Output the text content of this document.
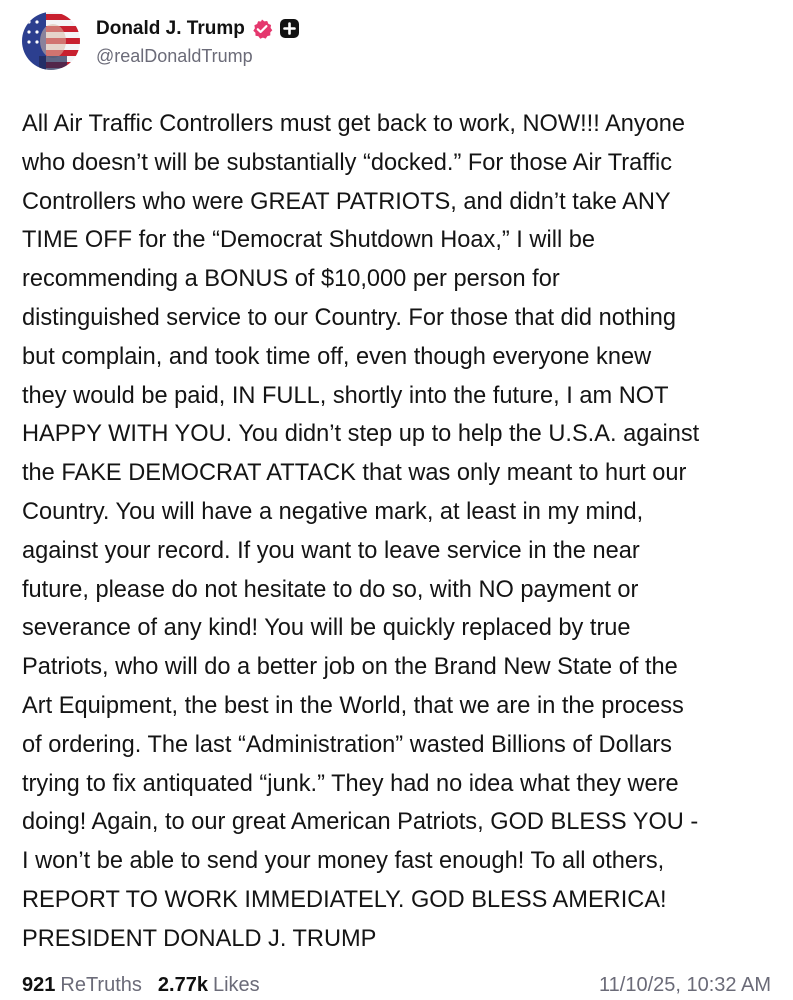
Donald J. Trump
@realDonaldTrump
All Air Traffic Controllers must get back to work, NOW!!! Anyone
who doesn’t will be substantially “docked.” For those Air Traffic
Controllers who were GREAT PATRIOTS, and didn’t take ANY
TIME OFF for the “Democrat Shutdown Hoax,” I will be
recommending a BONUS of $10,000 per person for
distinguished service to our Country. For those that did nothing
but complain, and took time off, even though everyone knew
they would be paid, IN FULL, shortly into the future, I am NOT
HAPPY WITH YOU. You didn’t step up to help the U.S.A. against
the FAKE DEMOCRAT ATTACK that was only meant to hurt our
Country. You will have a negative mark, at least in my mind,
against your record. If you want to leave service in the near
future, please do not hesitate to do so, with NO payment or
severance of any kind! You will be quickly replaced by true
Patriots, who will do a better job on the Brand New State of the
Art Equipment, the best in the World, that we are in the process
of ordering. The last “Administration” wasted Billions of Dollars
trying to fix antiquated “junk.” They had no idea what they were
doing! Again, to our great American Patriots, GOD BLESS YOU -
I won’t be able to send your money fast enough! To all others,
REPORT TO WORK IMMEDIATELY. GOD BLESS AMERICA!
PRESIDENT DONALD J. TRUMP
921 ReTruths 2.77k Likes	11/10/25, 10:32 AM
